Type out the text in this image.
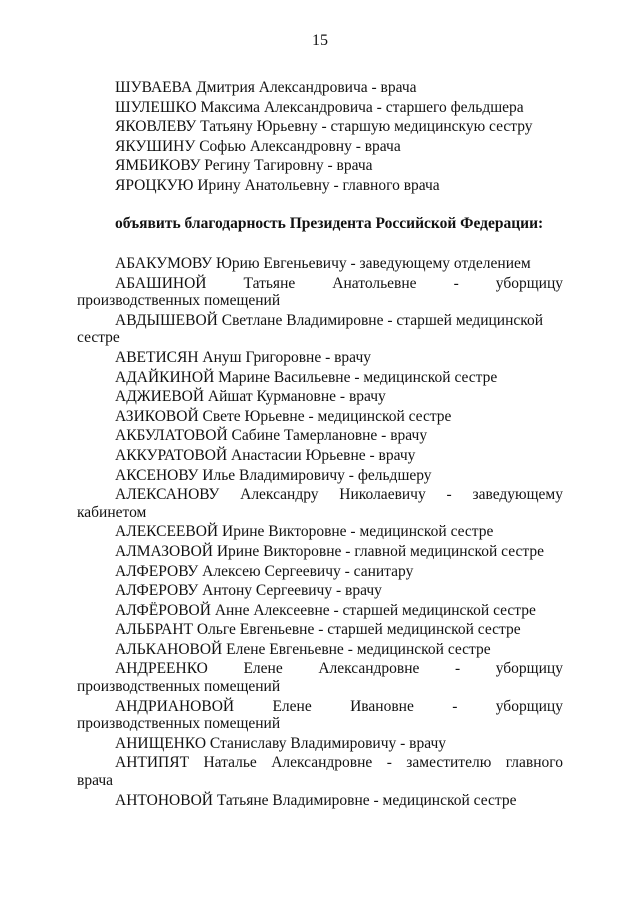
15
ШУВАЕВА Дмитрия Александровича - врача
ШУЛЕШКО Максима Александровича - старшего фельдшера
ЯКОВЛЕВУ Татьяну Юрьевну - старшую медицинскую сестру
ЯКУШИНУ Софью Александровну - врача
ЯМБИКОВУ Регину Тагировну - врача
ЯРОЦКУЮ Ирину Анатольевну - главного врача
объявить благодарность Президента Российской Федерации:
АБАКУМОВУ Юрию Евгеньевичу - заведующему отделением
АБАШИНОЙ Татьяне Анатольевне - уборщицу
производственных помещений
АВДЫШЕВОЙ Светлане Владимировне - старшей медицинской
сестре
АВЕТИСЯН Ануш Григоровне - врачу
АДАЙКИНОЙ Марине Васильевне - медицинской сестре
АДЖИЕВОЙ Айшат Курмановне - врачу
АЗИКОВОЙ Свете Юрьевне - медицинской сестре
АКБУЛАТОВОЙ Сабине Тамерлановне - врачу
АККУРАТОВОЙ Анастасии Юрьевне - врачу
АКСЕНОВУ Илье Владимировичу - фельдшеру
АЛЕКСАНОВУ Александру Николаевичу - заведующему
кабинетом
АЛЕКСЕЕВОЙ Ирине Викторовне - медицинской сестре
АЛМАЗОВОЙ Ирине Викторовне - главной медицинской сестре
АЛФЕРОВУ Алексею Сергеевичу - санитару
АЛФЕРОВУ Антону Сергеевичу - врачу
АЛФЁРОВОЙ Анне Алексеевне - старшей медицинской сестре
АЛЬБРАНТ Ольге Евгеньевне - старшей медицинской сестре
АЛЬКАНОВОЙ Елене Евгеньевне - медицинской сестре
АНДРЕЕНКО Елене Александровне - уборщицу
производственных помещений
АНДРИАНОВОЙ Елене Ивановне - уборщицу
производственных помещений
АНИЩЕНКО Станиславу Владимировичу - врачу
АНТИПЯТ Наталье Александровне - заместителю главного
врача
АНТОНОВОЙ Татьяне Владимировне - медицинской сестре
